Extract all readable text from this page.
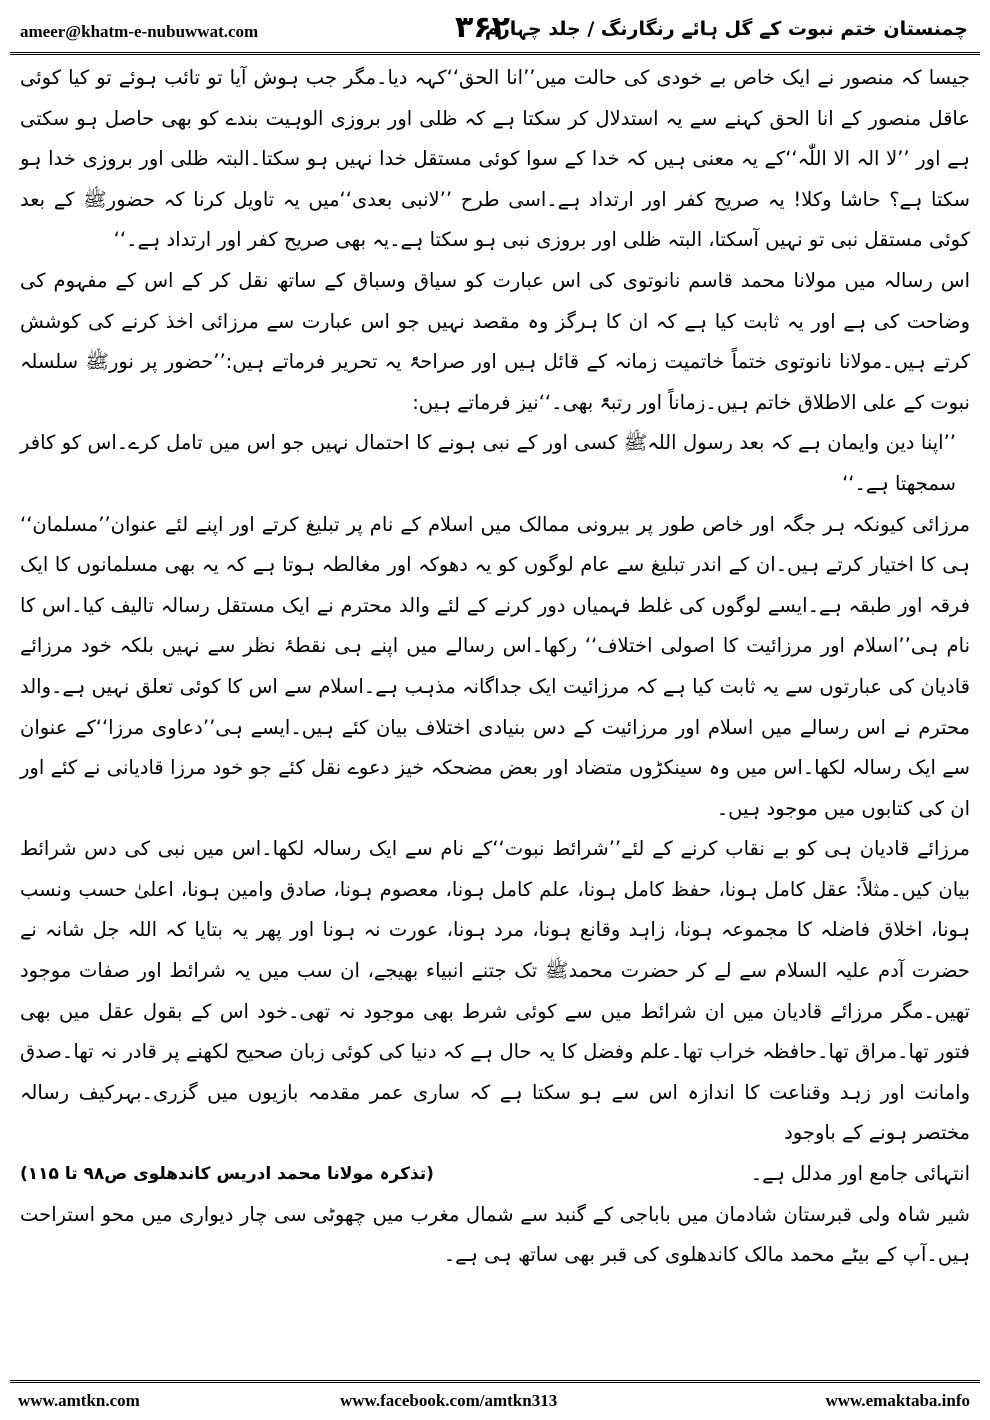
ameer@khatm-e-nubuwwat.com	۳۶۲
چمنستان ختم نبوت کے گل ہائے رنگارنگ / جلد چہارم

جیسا کہ منصور نے ایک خاص بے خودی کی حالت میں’’انا الحق‘‘کہہ دیا۔مگر جب ہوش آیا تو تائب ہوئے تو کیا کوئی عاقل منصور کے انا الحق کہنے سے یہ استدلال کر سکتا ہے کہ ظلی اور بروزی الوہیت بندے کو بھی حاصل ہو سکتی ہے اور ’’لا الہ الا اللّٰہ‘‘کے یہ معنی ہیں کہ خدا کے سوا کوئی مستقل خدا نہیں ہو سکتا۔البتہ ظلی اور بروزی خدا ہو سکتا ہے؟ حاشا وکلا! یہ صریح کفر اور ارتداد ہے۔اسی طرح ’’لانبی بعدی‘‘میں یہ تاویل کرنا کہ حضورﷺ کے بعد کوئی مستقل نبی تو نہیں آسکتا، البتہ ظلی اور بروزی نبی ہو سکتا ہے۔یہ بھی صریح کفر اور ارتداد ہے۔‘‘

اس رسالہ میں مولانا محمد قاسم نانوتوی کی اس عبارت کو سیاق وسباق کے ساتھ نقل کر کے اس کے مفہوم کی وضاحت کی ہے اور یہ ثابت کیا ہے کہ ان کا ہرگز وہ مقصد نہیں جو اس عبارت سے مرزائی اخذ کرنے کی کوشش کرتے ہیں۔مولانا نانوتوی ختماً خاتمیت زمانہ کے قائل ہیں اور صراحۃً یہ تحریر فرماتے ہیں:’’حضور پر نورﷺ سلسلہ نبوت کے علی الاطلاق خاتم ہیں۔زماناً اور رتبۃً بھی۔‘‘نیز فرماتے ہیں:

’’اپنا دین وایمان ہے کہ بعد رسول اللہﷺ کسی اور کے نبی ہونے کا احتمال نہیں جو اس میں تامل کرے۔اس کو کافر سمجھتا ہے۔‘‘

مرزائی کیونکہ ہر جگہ اور خاص طور پر بیرونی ممالک میں اسلام کے نام پر تبلیغ کرتے اور اپنے لئے عنوان’’مسلمان‘‘ ہی کا اختیار کرتے ہیں۔ان کے اندر تبلیغ سے عام لوگوں کو یہ دھوکہ اور مغالطہ ہوتا ہے کہ یہ بھی مسلمانوں کا ایک فرقہ اور طبقہ ہے۔ایسے لوگوں کی غلط فہمیاں دور کرنے کے لئے والد محترم نے ایک مستقل رسالہ تالیف کیا۔اس کا نام ہی’’اسلام اور مرزائیت کا اصولی اختلاف‘‘ رکھا۔اس رسالے میں اپنے ہی نقطۂ نظر سے نہیں بلکہ خود مرزائے قادیان کی عبارتوں سے یہ ثابت کیا ہے کہ مرزائیت ایک جداگانہ مذہب ہے۔اسلام سے اس کا کوئی تعلق نہیں ہے۔والد محترم نے اس رسالے میں اسلام اور مرزائیت کے دس بنیادی اختلاف بیان کئے ہیں۔ایسے ہی’’دعاوی مرزا‘‘کے عنوان سے ایک رسالہ لکھا۔اس میں وہ سینکڑوں متضاد اور بعض مضحکہ خیز دعوے نقل کئے جو خود مرزا قادیانی نے کئے اور ان کی کتابوں میں موجود ہیں۔

مرزائے قادیان ہی کو بے نقاب کرنے کے لئے’’شرائط نبوت‘‘کے نام سے ایک رسالہ لکھا۔اس میں نبی کی دس شرائط بیان کیں۔مثلاً: عقل کامل ہونا، حفظ کامل ہونا، علم کامل ہونا، معصوم ہونا، صادق وامین ہونا، اعلیٰ حسب ونسب ہونا، اخلاق فاضلہ کا مجموعہ ہونا، زاہد وقانع ہونا، مرد ہونا، عورت نہ ہونا اور پھر یہ بتایا کہ اللہ جل شانہ نے حضرت آدم علیہ السلام سے لے کر حضرت محمدﷺ تک جتنے انبیاء بھیجے، ان سب میں یہ شرائط اور صفات موجود تھیں۔مگر مرزائے قادیان میں ان شرائط میں سے کوئی شرط بھی موجود نہ تھی۔خود اس کے بقول عقل میں بھی فتور تھا۔مراق تھا۔حافظہ خراب تھا۔علم وفضل کا یہ حال ہے کہ دنیا کی کوئی زبان صحیح لکھنے پر قادر نہ تھا۔صدق وامانت اور زہد وقناعت کا اندازہ اس سے ہو سکتا ہے کہ ساری عمر مقدمہ بازیوں میں گزری۔بہرکیف رسالہ مختصر ہونے کے باوجود

انتہائی جامع اور مدلل ہے۔
(تذکرہ مولانا محمد ادریس کاندھلوی ص۹۸ تا ۱۱۵)

شیر شاہ ولی قبرستان شادمان میں باباجی کے گنبد سے شمال مغرب میں چھوٹی سی چار دیواری میں محو استراحت ہیں۔آپ کے بیٹے محمد مالک کاندھلوی کی قبر بھی ساتھ ہی ہے۔

www.amtkn.com	www.facebook.com/amtkn313	www.emaktaba.info
